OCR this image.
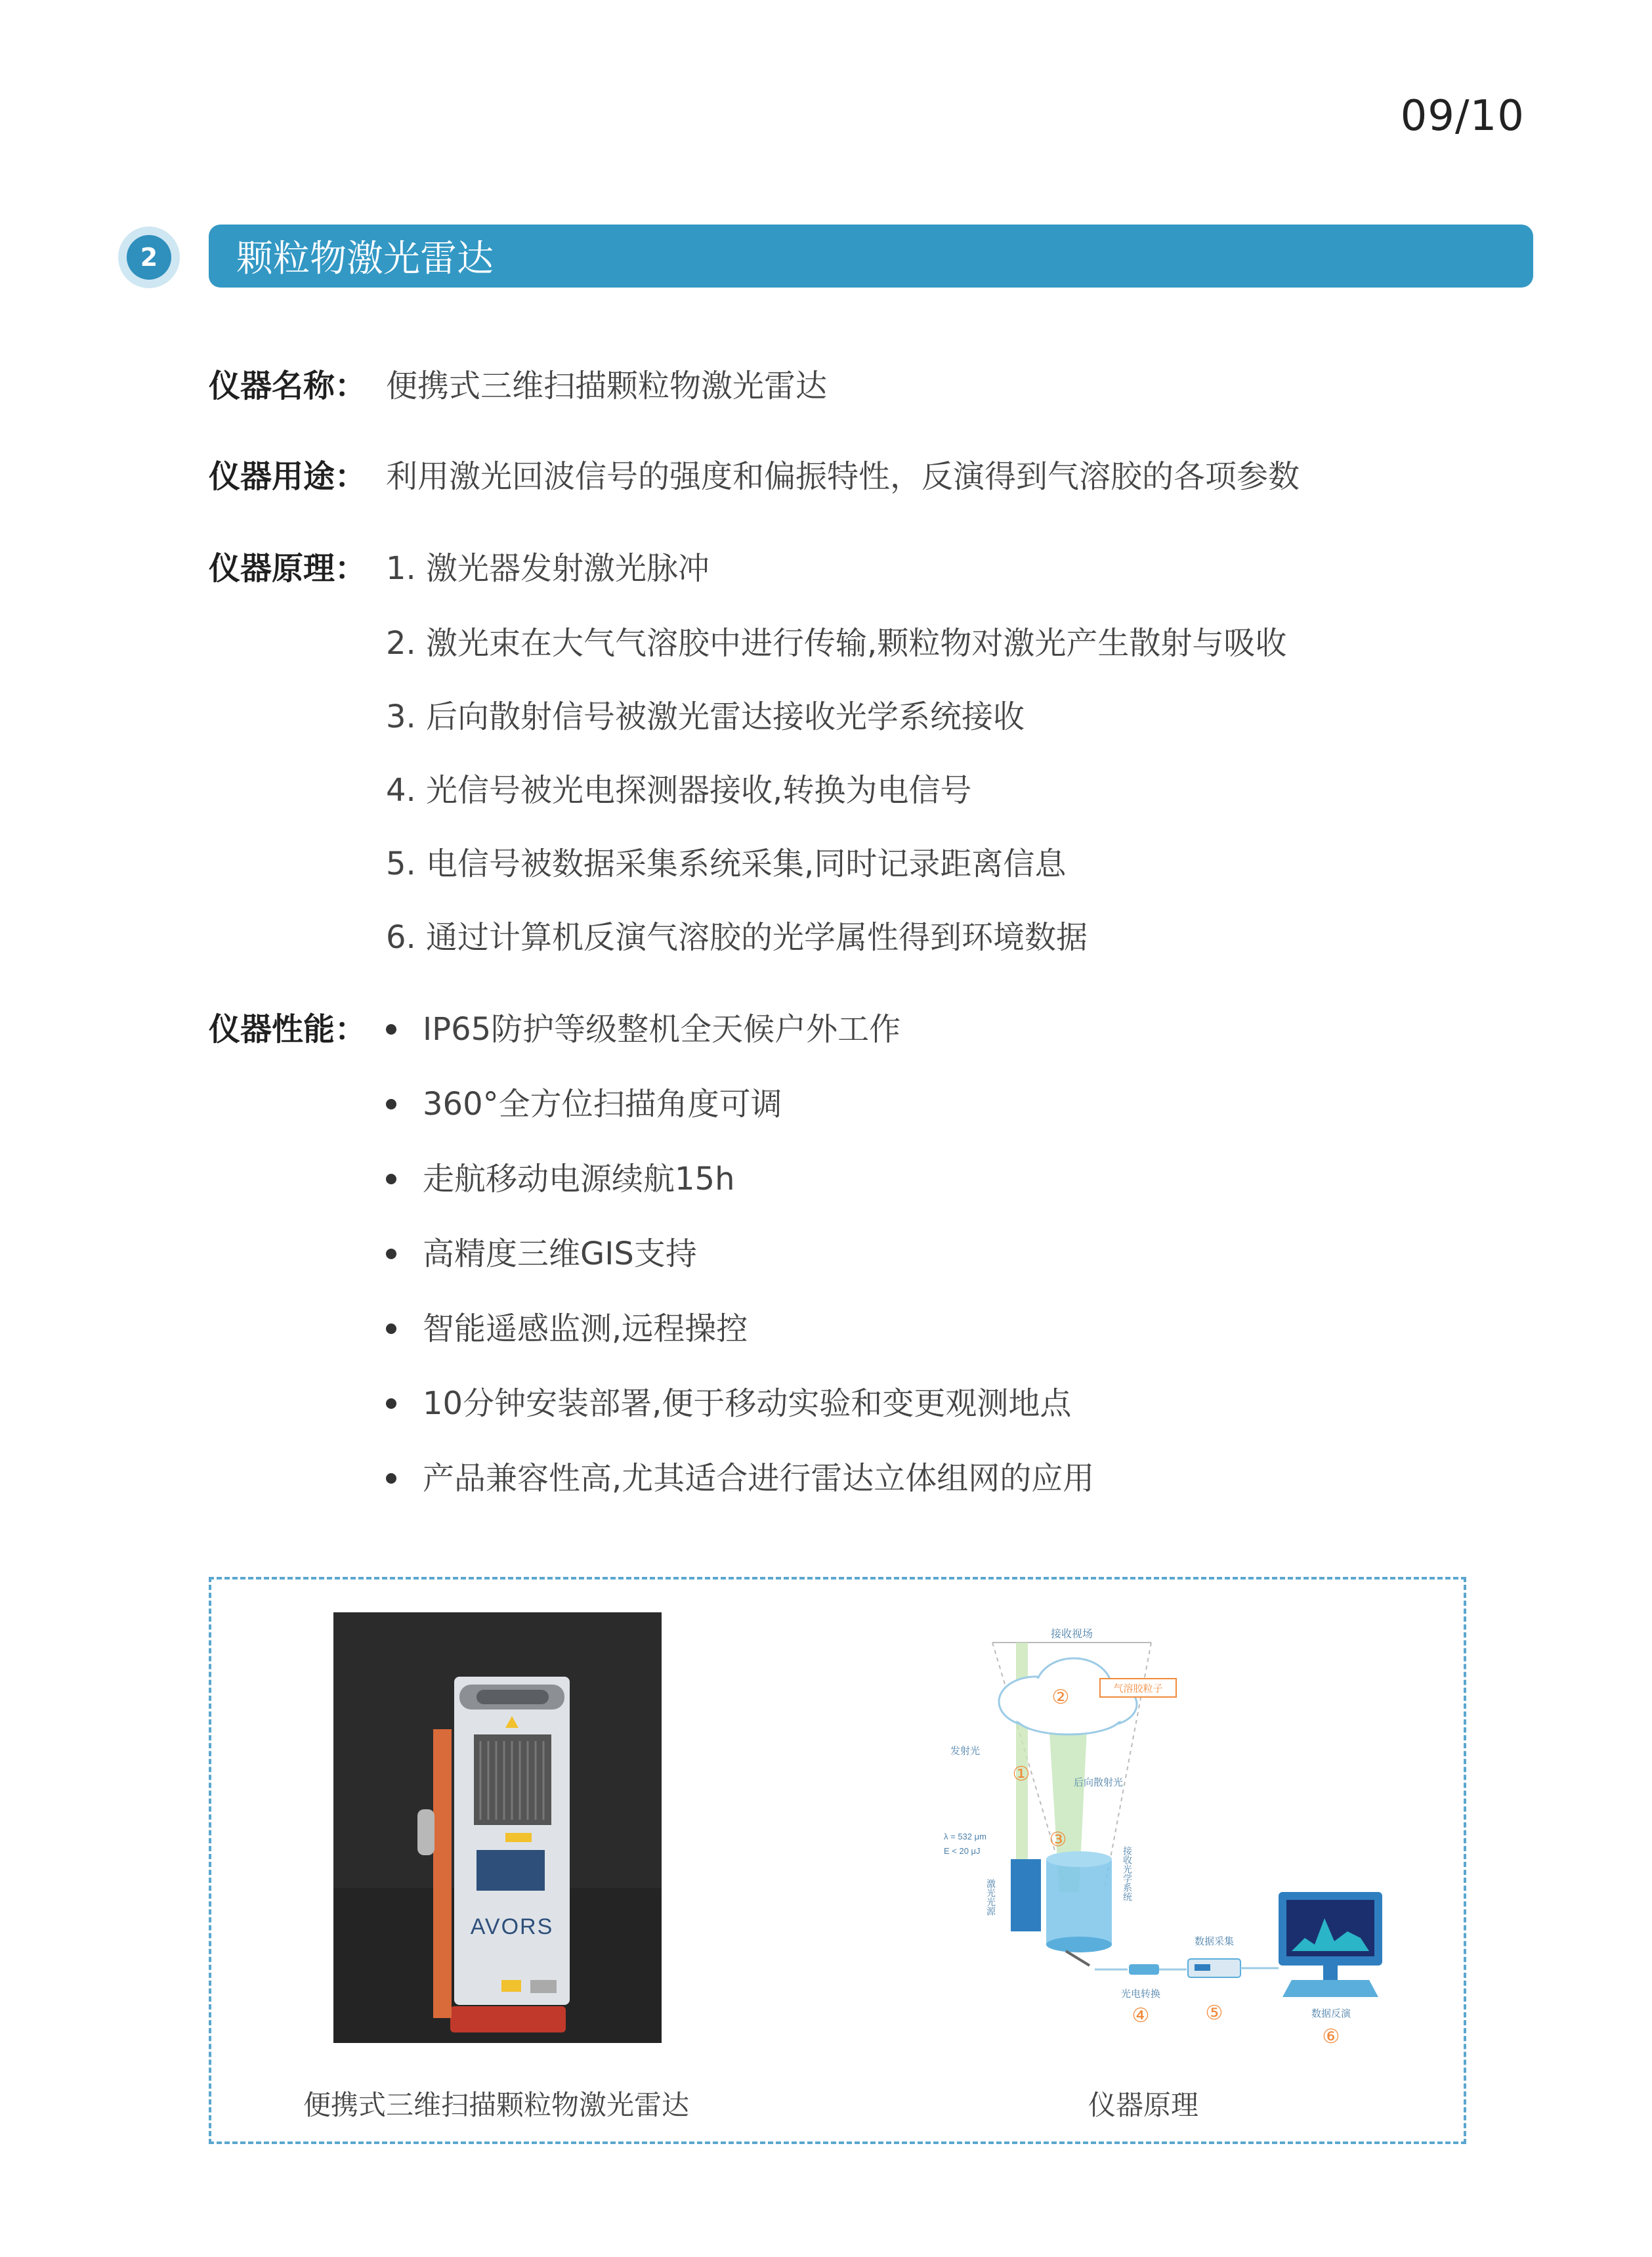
09/10
2	颗粒物激光雷达
仪器名称： 便携式三维扫描颗粒物激光雷达
仪器用途： 利用激光回波信号的强度和偏振特性，反演得到气溶胶的各项参数
仪器原理： 1. 激光器发射激光脉冲
2. 激光束在大气气溶胶中进行传输,颗粒物对激光产生散射与吸收
3. 后向散射信号被激光雷达接收光学系统接收
4. 光信号被光电探测器接收,转换为电信号
5. 电信号被数据采集系统采集,同时记录距离信息
6. 通过计算机反演气溶胶的光学属性得到环境数据
仪器性能： IP65防护等级整机全天候户外工作
360°全方位扫描角度可调
走航移动电源续航15h
高精度三维GIS支持
智能遥感监测,远程操控
10分钟安装部署,便于移动实验和变更观测地点
产品兼容性高,尤其适合进行雷达立体组网的应用
AVORS
便携式三维扫描颗粒物激光雷达
接收视场
气溶胶粒子
②
发射光
①	后向散射光
③
λ = 532 μm
E < 20 μJ
激光光源	接收光学系统
光电转换
④
数据采集
⑤	数据反演
⑥
仪器原理
